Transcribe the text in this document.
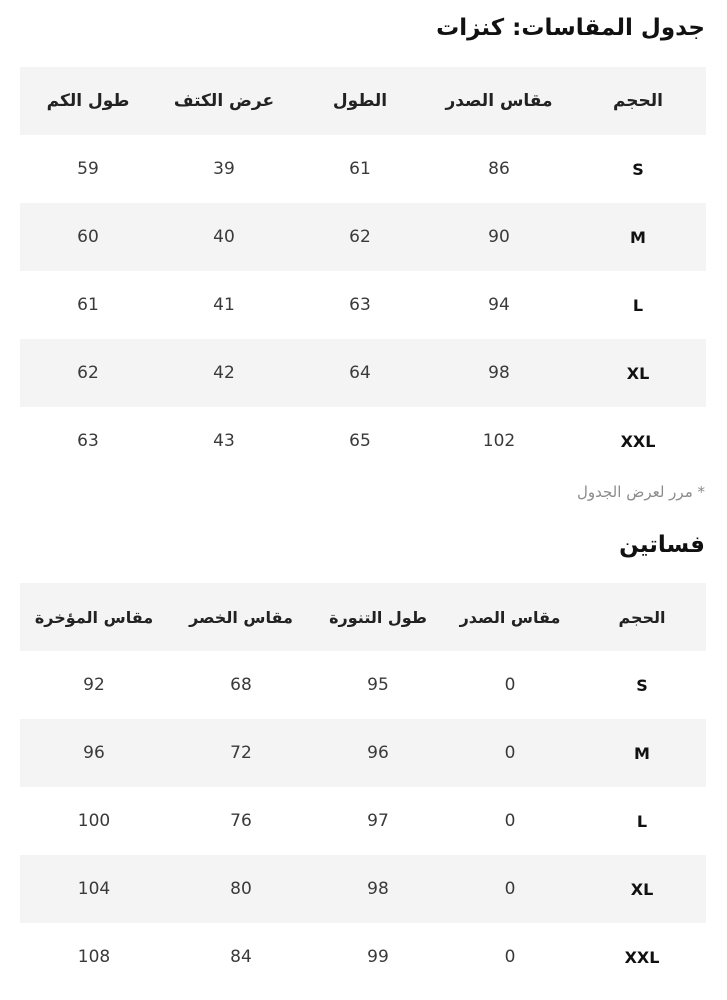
جدول المقاسات: كنزات
الحجم	مقاس الصدر	الطول	عرض الكتف	طول الكم
S	86	61	39	59
M	90	62	40	60
L	94	63	41	61
XL	98	64	42	62
XXL	102	65	43	63
* مرر لعرض الجدول
فساتين
الحجم	مقاس الصدر	طول التنورة	مقاس الخصر	مقاس المؤخرة
S	0	95	68	92
M	0	96	72	96
L	0	97	76	100
XL	0	98	80	104
XXL	0	99	84	108
